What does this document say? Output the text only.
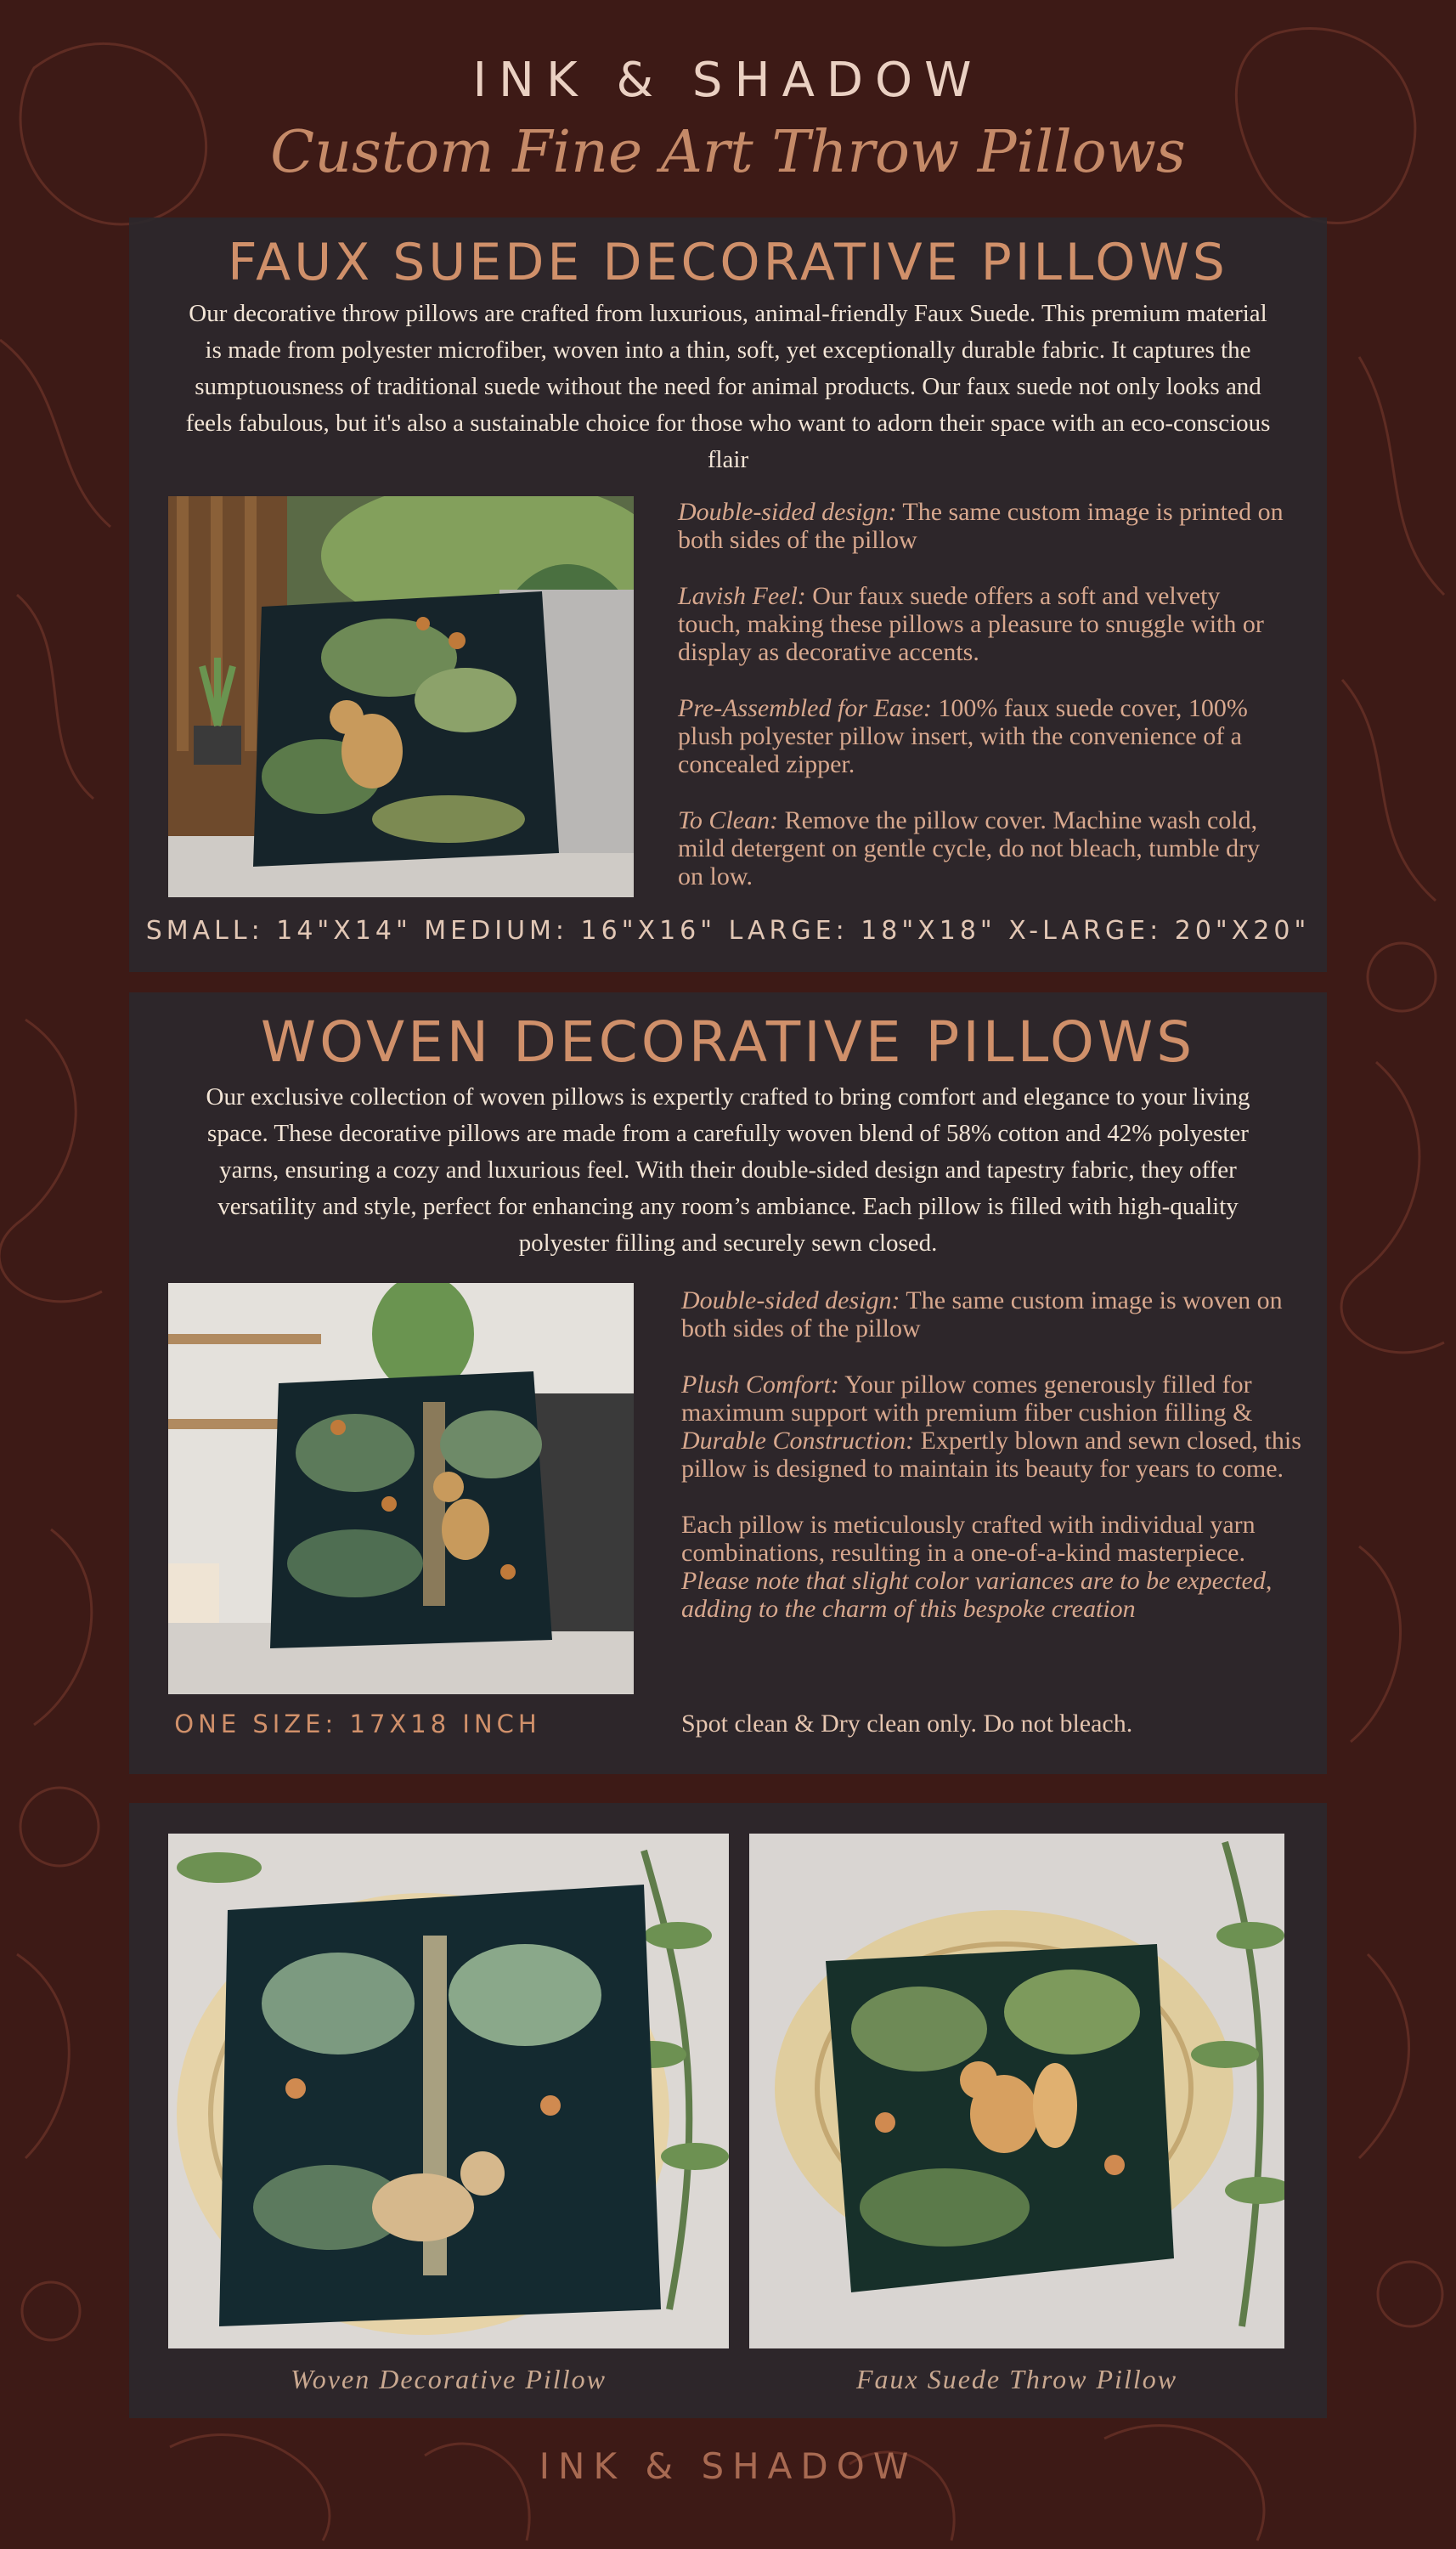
INK & SHADOW
Custom Fine Art Throw Pillows
FAUX SUEDE DECORATIVE PILLOWS
Our decorative throw pillows are crafted from luxurious, animal-friendly Faux Suede. This premium material is made from polyester microfiber, woven into a thin, soft, yet exceptionally durable fabric. It captures the sumptuousness of traditional suede without the need for animal products. Our faux suede not only looks and feels fabulous, but it's also a sustainable choice for those who want to adorn their space with an eco-conscious flair

Double-sided design: The same custom image is printed on both sides of the pillow

Lavish Feel: Our faux suede offers a soft and velvety touch, making these pillows a pleasure to snuggle with or display as decorative accents.

Pre-Assembled for Ease: 100% faux suede cover, 100% plush polyester pillow insert, with the convenience of a concealed zipper.

To Clean: Remove the pillow cover. Machine wash cold, mild detergent on gentle cycle, do not bleach, tumble dry on low.

SMALL: 14"X14" MEDIUM: 16"X16" LARGE: 18"X18" X-LARGE: 20"X20"
WOVEN DECORATIVE PILLOWS
Our exclusive collection of woven pillows is expertly crafted to bring comfort and elegance to your living space. These decorative pillows are made from a carefully woven blend of 58% cotton and 42% polyester yarns, ensuring a cozy and luxurious feel. With their double-sided design and tapestry fabric, they offer versatility and style, perfect for enhancing any room’s ambiance. Each pillow is filled with high-quality polyester filling and securely sewn closed.

Double-sided design: The same custom image is woven on both sides of the pillow

Plush Comfort: Your pillow comes generously filled for maximum support with premium fiber cushion filling & Durable Construction: Expertly blown and sewn closed, this pillow is designed to maintain its beauty for years to come.

Each pillow is meticulously crafted with individual yarn combinations, resulting in a one-of-a-kind masterpiece. Please note that slight color variances are to be expected, adding to the charm of this bespoke creation

ONE SIZE: 17X18 INCH	Spot clean & Dry clean only. Do not bleach.
Woven Decorative Pillow	Faux Suede Throw Pillow
INK & SHADOW
